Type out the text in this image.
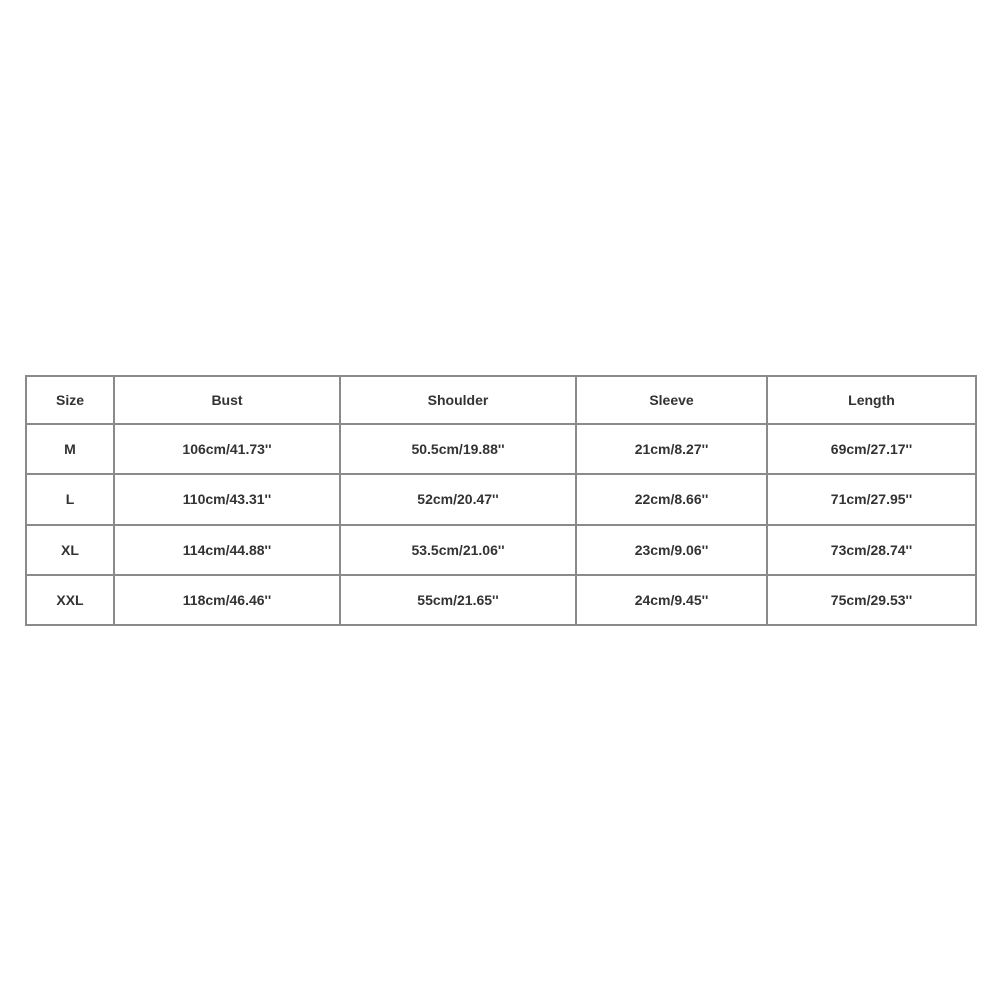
Size	Bust	Shoulder	Sleeve	Length
M	106cm/41.73''	50.5cm/19.88''	21cm/8.27''	69cm/27.17''
L	110cm/43.31''	52cm/20.47''	22cm/8.66''	71cm/27.95''
XL	114cm/44.88''	53.5cm/21.06''	23cm/9.06''	73cm/28.74''
XXL	118cm/46.46''	55cm/21.65''	24cm/9.45''	75cm/29.53''
